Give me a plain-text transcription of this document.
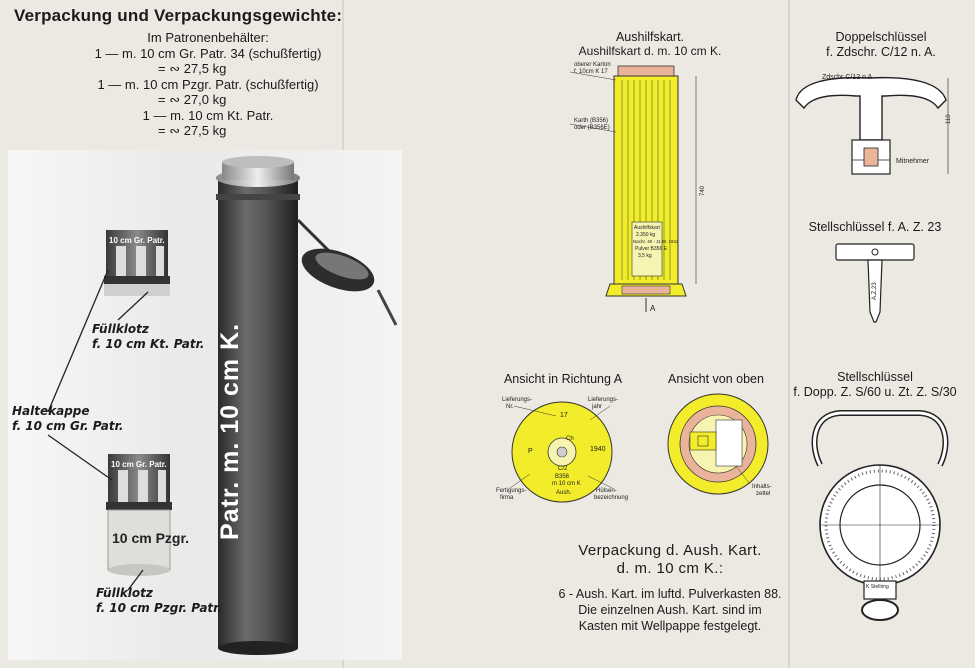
Verpackung und Verpackungsgewichte:
Im Patronenbehälter:
1 — m. 10 cm Gr. Patr. 34 (schußfertig)
= ∾ 27,5 kg
1 — m. 10 cm Pzgr. Patr. (schußfertig)
= ∾ 27,0 kg
1 — m. 10 cm Kt. Patr.
= ∾ 27,5 kg
10 cm Gr. Patr.
10 cm Gr. Patr.
10 cm Pzgr. Patr. m. 10 cm K.
Füllklotz
f. 10 cm Kt. Patr.
Haltekappe
f. 10 cm Gr. Patr.
Füllklotz
f. 10 cm Pzgr. Patr.
Aushilfskart.
Aushilfskart d. m. 10 cm K.
oberer Karton
f. 10cm K 17
Karth (B356)
oder (B356E)
740
Aushilfskart
2.350 kg
Nachr. 40 - 11 M. 1942
Pulver B356 E
3,5 kg
A
Ansicht in Richtung A
Lieferungs-
Nr.
Lieferungs-
jahr
17
1940
P
Ch
C/2
B356
m 10 cm K
Aush.
Fertigungs-
firma
Hülsen-
bezeichnung
Ansicht von oben
Inhalts-
zettel
Verpackung d. Aush. Kart.
d. m. 10 cm K.:
6 - Aush. Kart. im luftd. Pulverkasten 88.
Die einzelnen Aush. Kart. sind im
Kasten mit Wellpappe festgelegt.
Doppelschlüssel
f. Zdschr. C/12 n. A.
Zdschr C/12 n A
Mitnehmer
110
Stellschlüssel f. A. Z. 23
A.Z.23
Stellschlüssel
f. Dopp. Z. S/60 u. Zt. Z. S/30
K Stellring
